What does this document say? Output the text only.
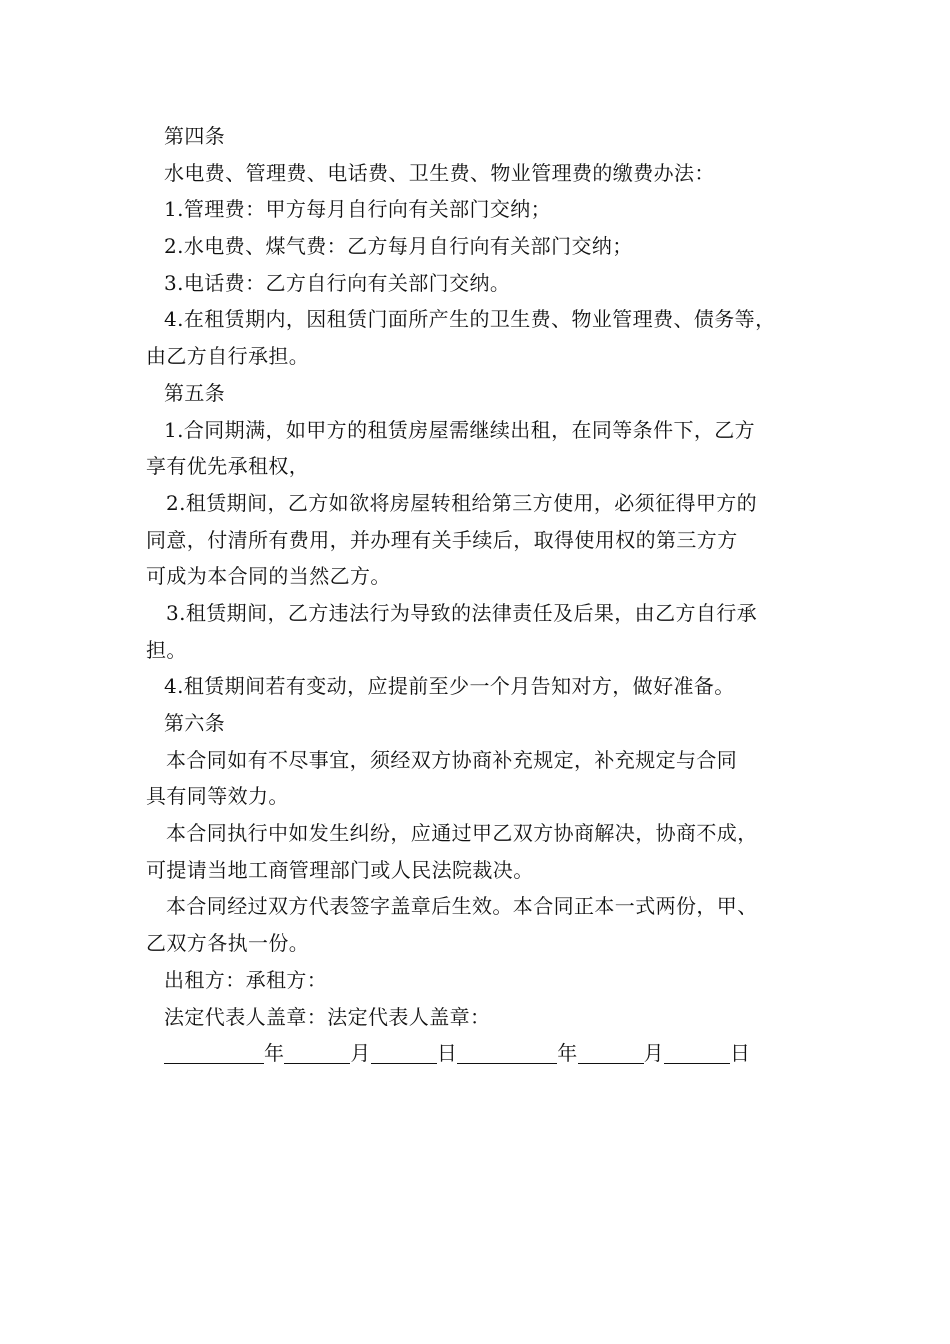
第四条
水电费、管理费、电话费、卫生费、物业管理费的缴费办法：
1.管理费：甲方每月自行向有关部门交纳；
2.水电费、煤气费：乙方每月自行向有关部门交纳；
3.电话费：乙方自行向有关部门交纳。
4.在租赁期内，因租赁门面所产生的卫生费、物业管理费、债务等，
由乙方自行承担。
第五条
1.合同期满，如甲方的租赁房屋需继续出租，在同等条件下，乙方
享有优先承租权，
2.租赁期间，乙方如欲将房屋转租给第三方使用，必须征得甲方的
同意，付清所有费用，并办理有关手续后，取得使用权的第三方方
可成为本合同的当然乙方。
3.租赁期间，乙方违法行为导致的法律责任及后果，由乙方自行承
担。
4.租赁期间若有变动，应提前至少一个月告知对方，做好准备。
第六条
本合同如有不尽事宜，须经双方协商补充规定，补充规定与合同
具有同等效力。
本合同执行中如发生纠纷，应通过甲乙双方协商解决，协商不成，
可提请当地工商管理部门或人民法院裁决。
本合同经过双方代表签字盖章后生效。本合同正本一式两份，甲、
乙双方各执一份。
出租方：承租方：
法定代表人盖章：法定代表人盖章：
年	月	日	年	月	日
